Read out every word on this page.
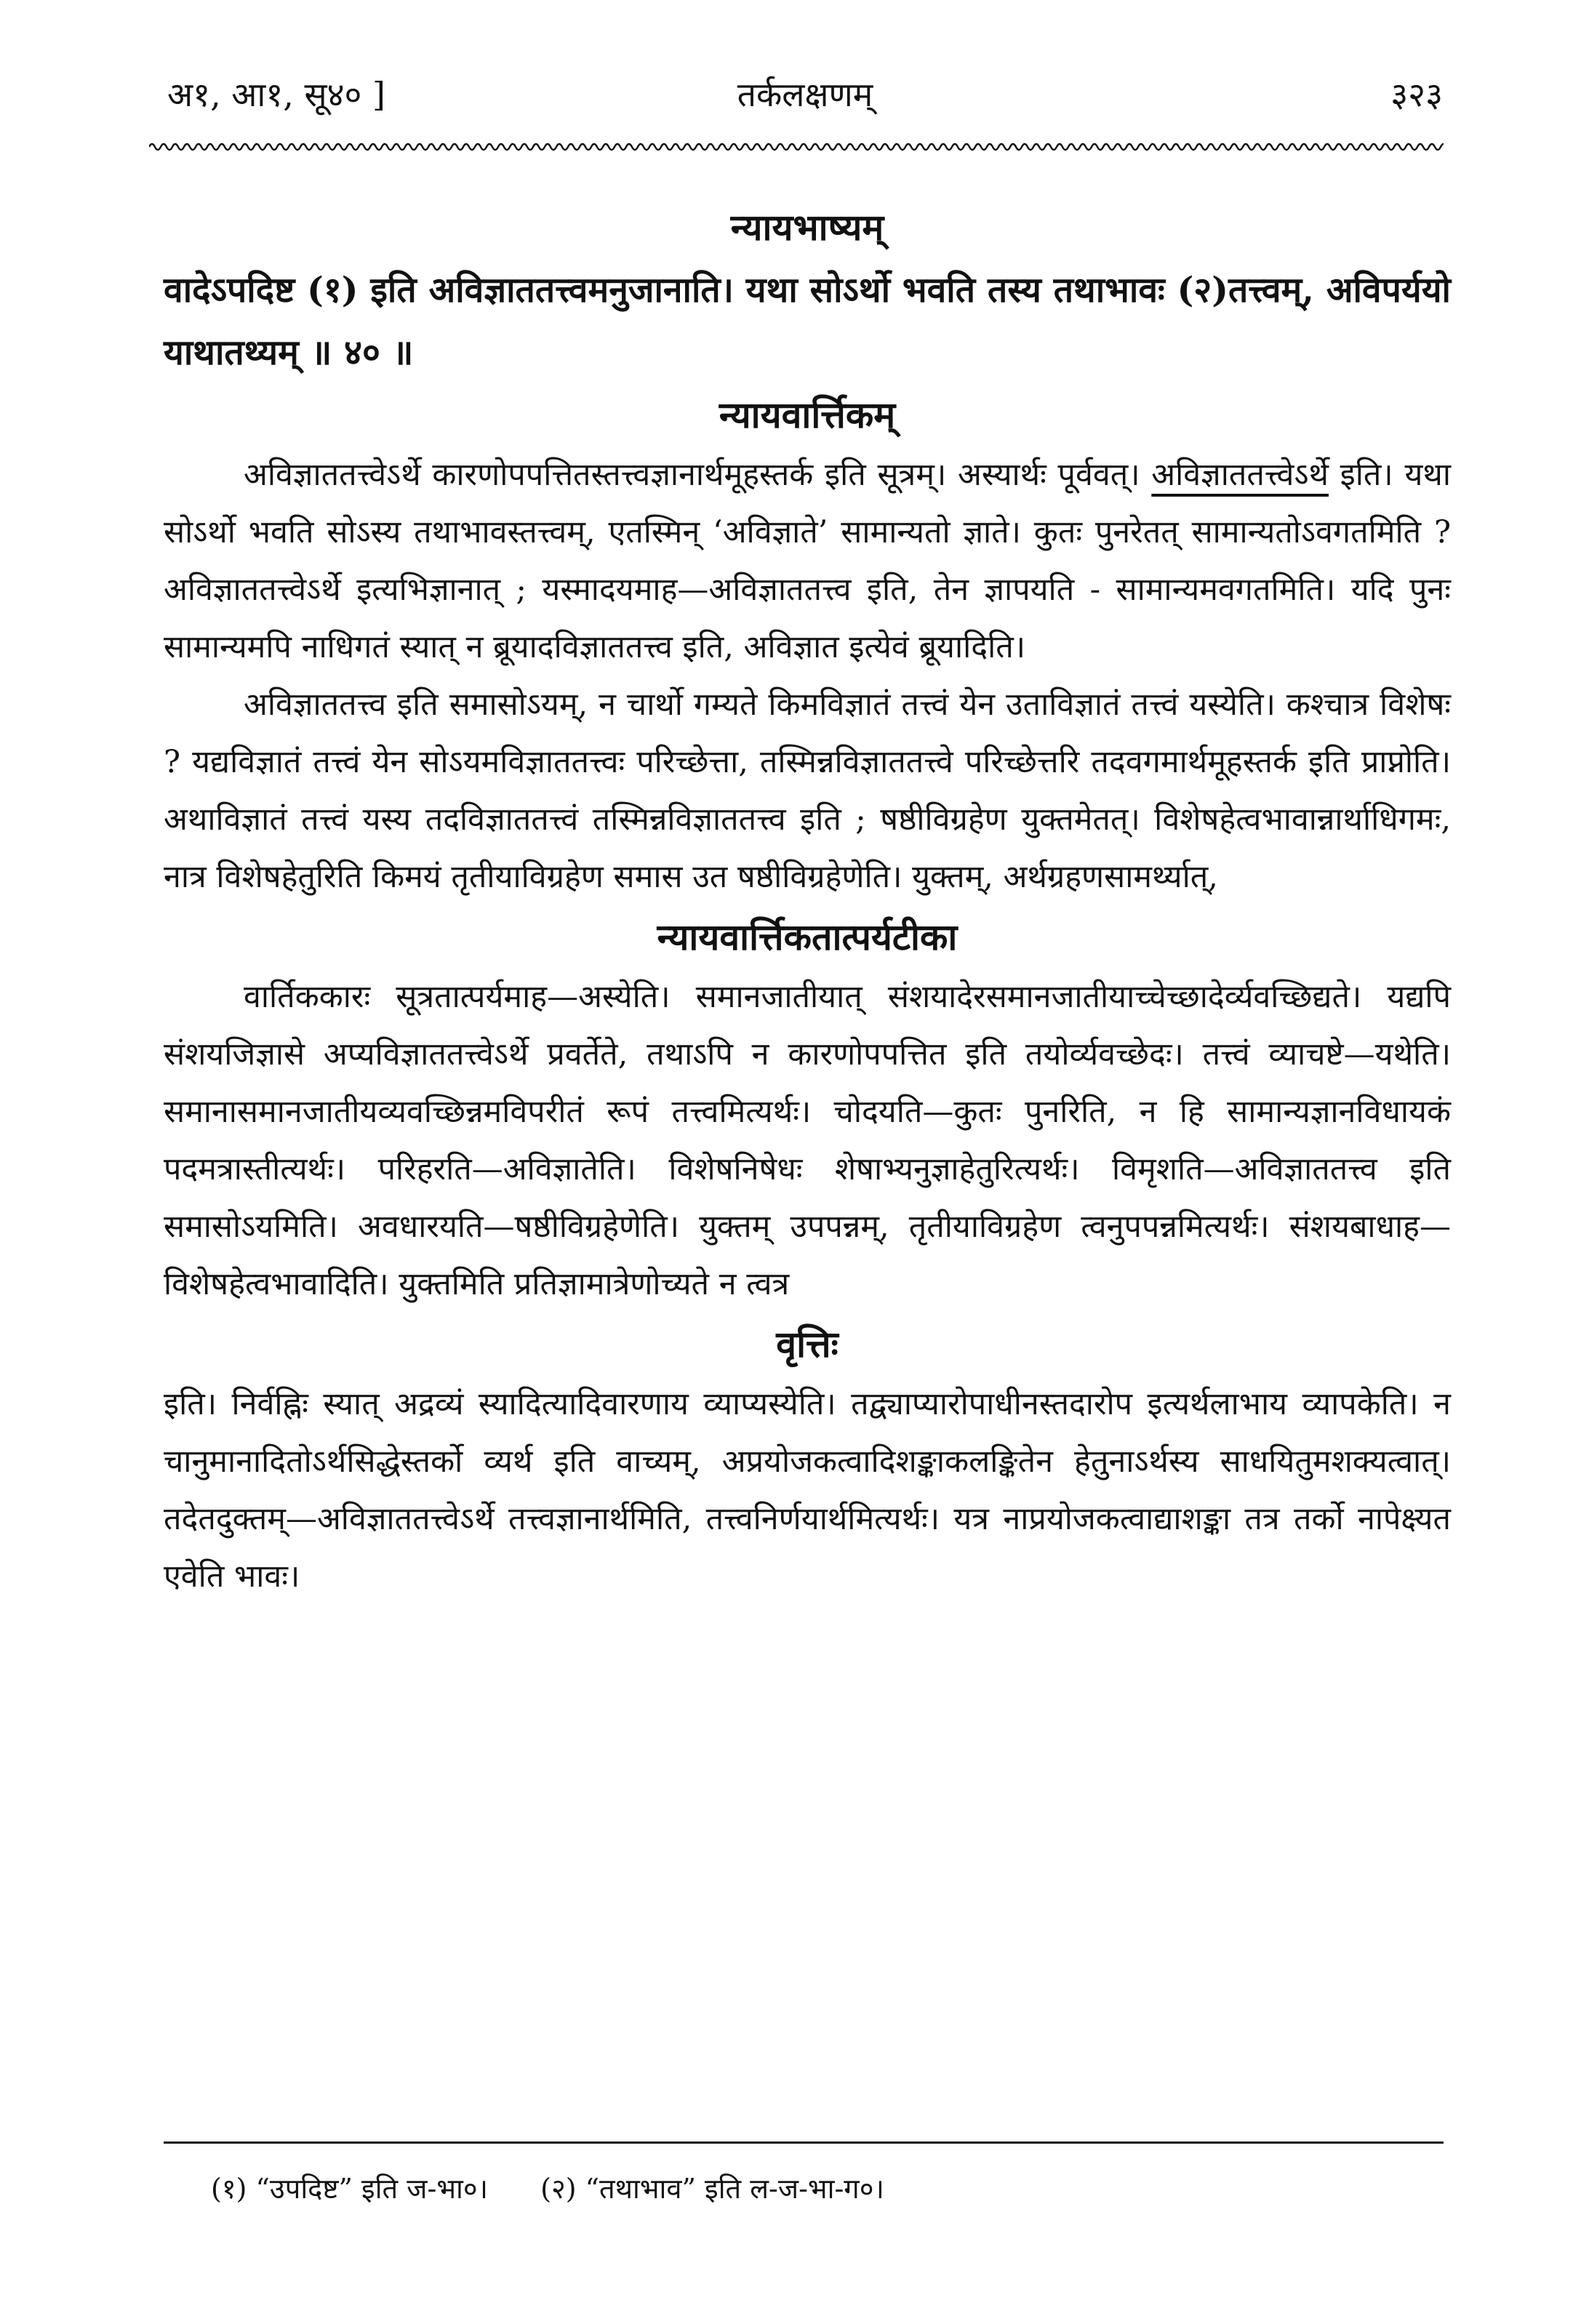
अ१, आ१, सू४० ]	तर्कलक्षणम्	३२३
न्यायभाष्यम्

वादेऽपदिष्ट (१) इति अविज्ञाततत्त्वमनुजानाति। यथा सोऽर्थो भवति तस्य तथाभावः (२)तत्त्वम्, अविपर्ययो याथातथ्यम् ॥ ४० ॥

न्यायवार्त्तिकम्

अविज्ञाततत्त्वेऽर्थे कारणोपपत्तितस्तत्त्वज्ञानार्थमूहस्तर्क इति सूत्रम्। अस्यार्थः पूर्ववत्। अविज्ञाततत्त्वेऽर्थे इति। यथा सोऽर्थो भवति सोऽस्य तथाभावस्तत्त्वम्, एतस्मिन् ‘अविज्ञाते’ सामान्यतो ज्ञाते। कुतः पुनरेतत् सामान्यतोऽवगतमिति ? अविज्ञाततत्त्वेऽर्थे इत्यभिज्ञानात् ; यस्मादयमाह—अविज्ञाततत्त्व इति, तेन ज्ञापयति - सामान्यमवगतमिति। यदि पुनः सामान्यमपि नाधिगतं स्यात् न ब्रूयादविज्ञाततत्त्व इति, अविज्ञात इत्येवं ब्रूयादिति।

अविज्ञाततत्त्व इति समासोऽयम्, न चार्थो गम्यते किमविज्ञातं तत्त्वं येन उताविज्ञातं तत्त्वं यस्येति। कश्चात्र विशेषः ? यद्यविज्ञातं तत्त्वं येन सोऽयमविज्ञाततत्त्वः परिच्छेत्ता, तस्मिन्नविज्ञाततत्त्वे परिच्छेत्तरि तदवगमार्थमूहस्तर्क इति प्राप्नोति। अथाविज्ञातं तत्त्वं यस्य तदविज्ञाततत्त्वं तस्मिन्नविज्ञाततत्त्व इति ; षष्ठीविग्रहेण युक्तमेतत्। विशेषहेत्वभावान्नार्थाधिगमः, नात्र विशेषहेतुरिति किमयं तृतीयाविग्रहेण समास उत षष्ठीविग्रहेणेति। युक्तम्, अर्थग्रहणसामर्थ्यात्,

न्यायवार्त्तिकतात्पर्यटीका

वार्तिककारः सूत्रतात्पर्यमाह—अस्येति। समानजातीयात् संशयादेरसमानजातीयाच्चेच्छादेर्व्यवच्छिद्यते। यद्यपि संशयजिज्ञासे अप्यविज्ञाततत्त्वेऽर्थे प्रवर्तेते, तथाऽपि न कारणोपपत्तित इति तयोर्व्यवच्छेदः। तत्त्वं व्याचष्टे—यथेति। समानासमानजातीयव्यवच्छिन्नमविपरीतं रूपं तत्त्वमित्यर्थः। चोदयति—कुतः पुनरिति, न हि सामान्यज्ञानविधायकं पदमत्रास्तीत्यर्थः। परिहरति—अविज्ञातेति। विशेषनिषेधः शेषाभ्यनुज्ञाहेतुरित्यर्थः। विमृशति—अविज्ञाततत्त्व इति समासोऽयमिति। अवधारयति—षष्ठीविग्रहेणेति। युक्तम् उपपन्नम्, तृतीयाविग्रहेण त्वनुपपन्नमित्यर्थः। संशयबाधाह—विशेषहेत्वभावादिति। युक्तमिति प्रतिज्ञामात्रेणोच्यते न त्वत्र

वृत्तिः

इति। निर्वह्निः स्यात् अद्रव्यं स्यादित्यादिवारणाय व्याप्यस्येति। तद्व्याप्यारोपाधीनस्तदारोप इत्यर्थलाभाय व्यापकेति। न चानुमानादितोऽर्थसिद्धेस्तर्को व्यर्थ इति वाच्यम्, अप्रयोजकत्वादिशङ्काकलङ्कितेन हेतुनाऽर्थस्य साधयितुमशक्यत्वात्। तदेतदुक्तम्—अविज्ञाततत्त्वेऽर्थे तत्त्वज्ञानार्थमिति, तत्त्वनिर्णयार्थमित्यर्थः। यत्र नाप्रयोजकत्वाद्याशङ्का तत्र तर्को नापेक्ष्यत एवेति भावः।

(१) “उपदिष्ट” इति ज-भा०। (२) “तथाभाव” इति ल-ज-भा-ग०।
